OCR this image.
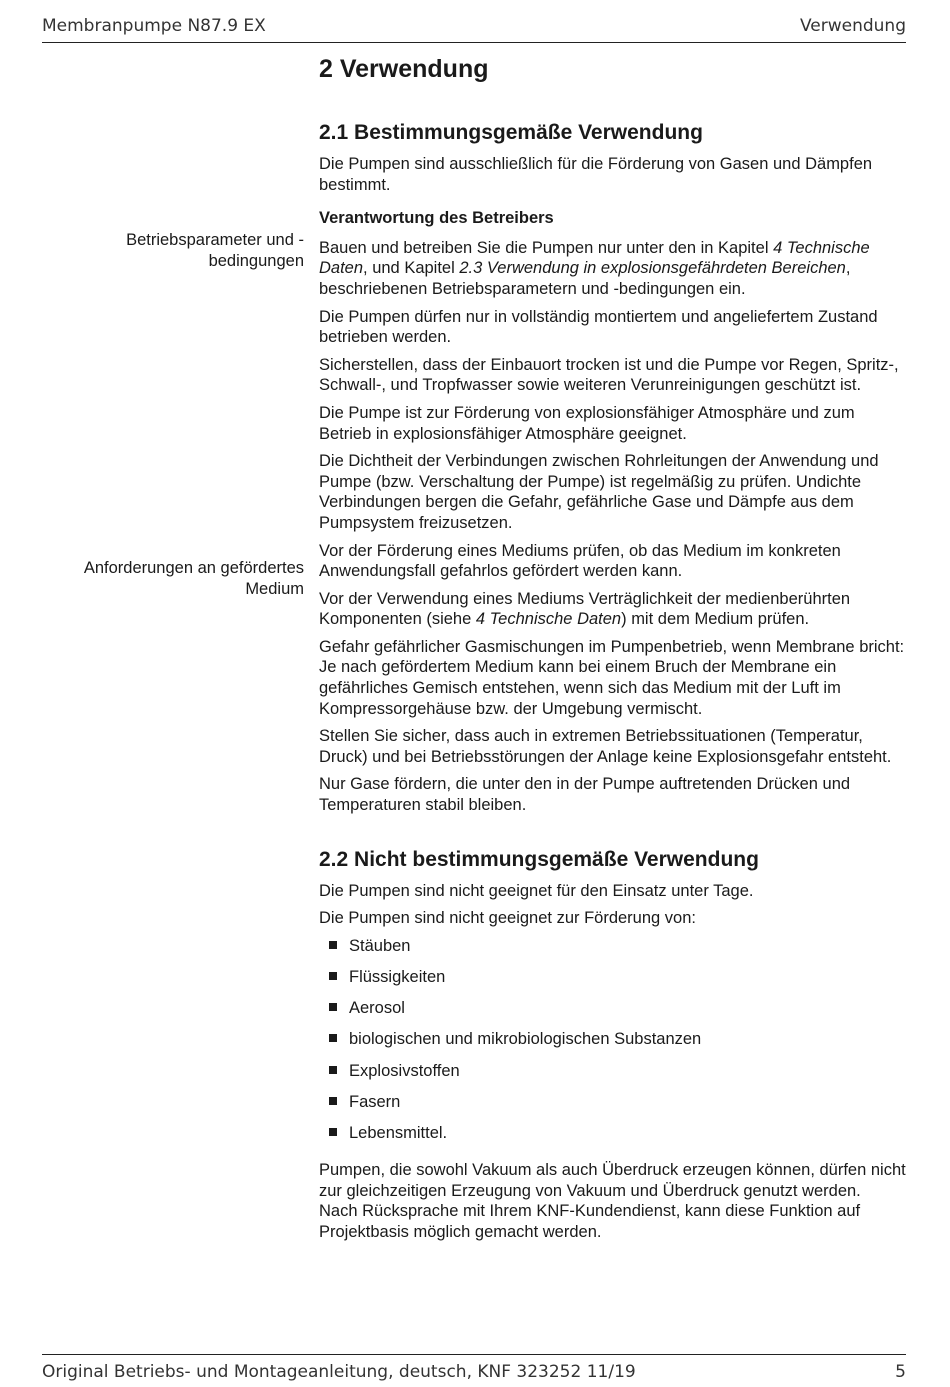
Membranpumpe N87.9 EX	Verwendung
Betriebsparameter und -
bedingungen
Anforderungen an gefördertes
Medium
2 Verwendung
2.1 Bestimmungsgemäße Verwendung

Die Pumpen sind ausschließlich für die Förderung von Gasen und Dämpfen bestimmt.

Verantwortung des Betreibers

Bauen und betreiben Sie die Pumpen nur unter den in Kapitel 4 Technische Daten, und Kapitel 2.3 Verwendung in explosionsgefährdeten Bereichen, beschriebenen Betriebsparametern und -bedingungen ein.

Die Pumpen dürfen nur in vollständig montiertem und angeliefertem Zustand betrieben werden.

Sicherstellen, dass der Einbauort trocken ist und die Pumpe vor Regen, Spritz-, Schwall-, und Tropfwasser sowie weiteren Verunreinigungen geschützt ist.

Die Pumpe ist zur Förderung von explosionsfähiger Atmosphäre und zum Betrieb in explosionsfähiger Atmosphäre geeignet.

Die Dichtheit der Verbindungen zwischen Rohrleitungen der Anwendung und Pumpe (bzw. Verschaltung der Pumpe) ist regelmäßig zu prüfen. Undichte Verbindungen bergen die Gefahr, gefährliche Gase und Dämpfe aus dem Pumpsystem freizusetzen.

Vor der Förderung eines Mediums prüfen, ob das Medium im konkreten Anwendungsfall gefahrlos gefördert werden kann.

Vor der Verwendung eines Mediums Verträglichkeit der medienberührten Komponenten (siehe 4 Technische Daten) mit dem Medium prüfen.

Gefahr gefährlicher Gasmischungen im Pumpenbetrieb, wenn Membrane bricht: Je nach gefördertem Medium kann bei einem Bruch der Membrane ein gefährliches Gemisch entstehen, wenn sich das Medium mit der Luft im Kompressorgehäuse bzw. der Umgebung vermischt.

Stellen Sie sicher, dass auch in extremen Betriebssituationen (Temperatur, Druck) und bei Betriebsstörungen der Anlage keine Explosionsgefahr entsteht.

Nur Gase fördern, die unter den in der Pumpe auftretenden Drücken und Temperaturen stabil bleiben.

2.2 Nicht bestimmungsgemäße Verwendung

Die Pumpen sind nicht geeignet für den Einsatz unter Tage.

Die Pumpen sind nicht geeignet zur Förderung von:

Stäuben
Flüssigkeiten
Aerosol
biologischen und mikrobiologischen Substanzen
Explosivstoffen
Fasern
Lebensmittel.

Pumpen, die sowohl Vakuum als auch Überdruck erzeugen können, dürfen nicht zur gleichzeitigen Erzeugung von Vakuum und Überdruck genutzt werden.

Nach Rücksprache mit Ihrem KNF-Kundendienst, kann diese Funktion auf Projektbasis möglich gemacht werden.

Original Betriebs- und Montageanleitung, deutsch, KNF 323252 11/19	5
